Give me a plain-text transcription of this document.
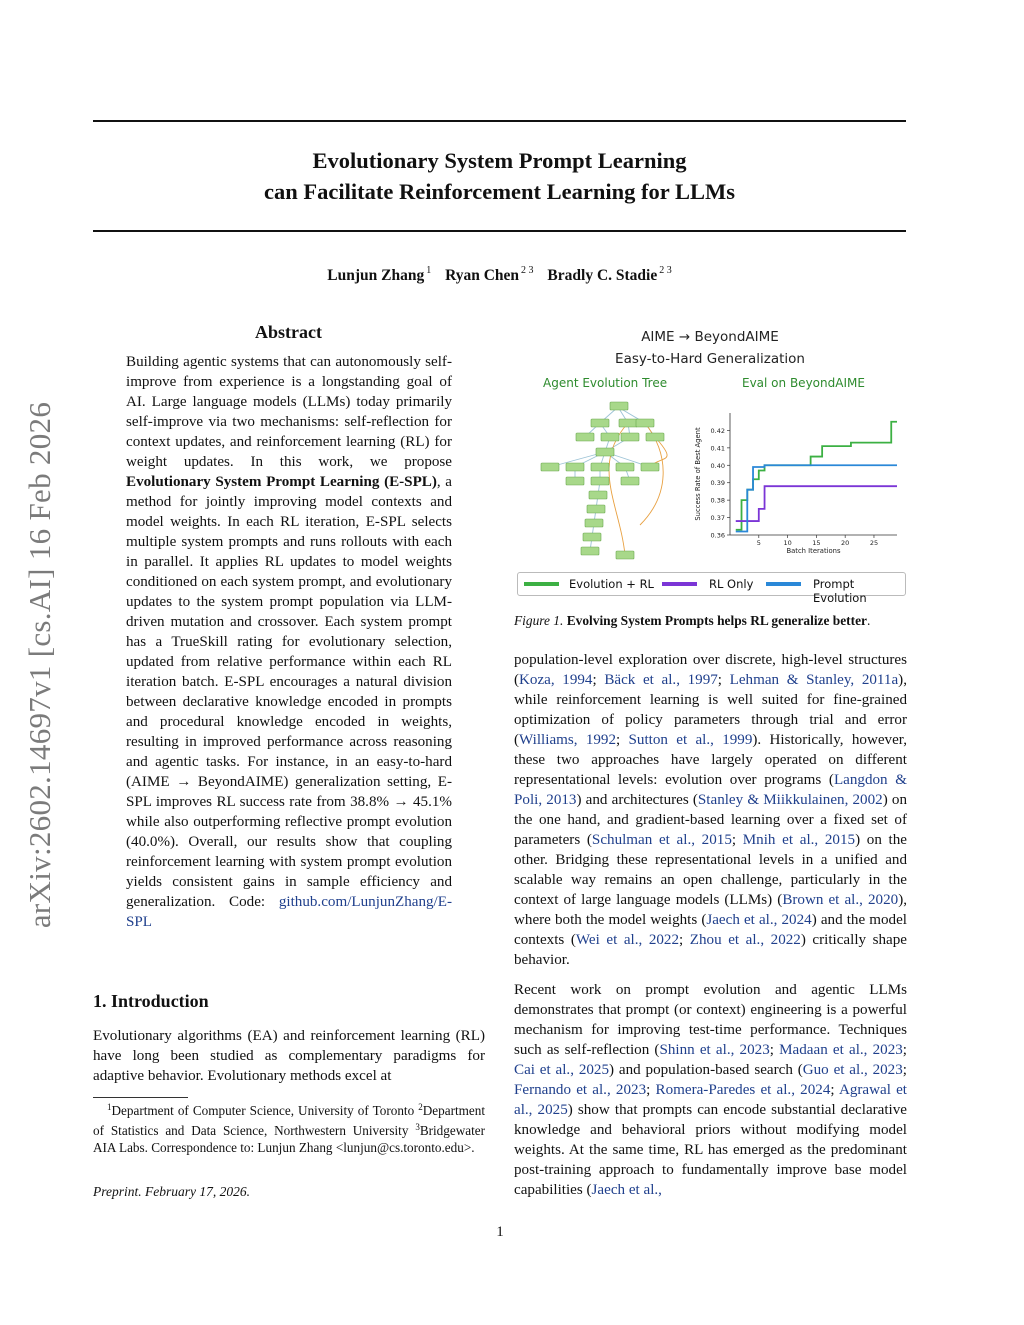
Evolutionary System Prompt Learning
can Facilitate Reinforcement Learning for LLMs
Lunjun Zhang $^1$ Ryan Chen $^{2 3}$ Bradly C. Stadie $^{2 3}$
arXiv:2602.14697v1 [cs.AI] 16 Feb 2026
Abstract
Building agentic systems that can autonomously self-improve from experience is a longstanding goal of AI. Large language models (LLMs) today primarily self-improve via two mechanisms: self-reflection for context updates, and reinforcement learning (RL) for weight updates. In this work, we propose Evolutionary System Prompt Learning (E-SPL), a method for jointly improving model contexts and model weights. In each RL iteration, E-SPL selects multiple system prompts and runs rollouts with each in parallel. It applies RL updates to model weights conditioned on each system prompt, and evolutionary updates to the system prompt population via LLM-driven mutation and crossover. Each system prompt has a TrueSkill rating for evolutionary selection, updated from relative performance within each RL iteration batch. E-SPL encourages a natural division between declarative knowledge encoded in prompts and procedural knowledge encoded in weights, resulting in improved performance across reasoning and agentic tasks. For instance, in an easy-to-hard (AIME → BeyondAIME) generalization setting, E-SPL improves RL success rate from 38.8% → 45.1% while also outperforming reflective prompt evolution (40.0%). Overall, our results show that coupling reinforcement learning with system prompt evolution yields consistent gains in sample efficiency and generalization. Code: github.com/LunjunZhang/E-SPL
1. Introduction
Evolutionary algorithms (EA) and reinforcement learning (RL) have long been studied as complementary paradigms for adaptive behavior. Evolutionary methods excel at
$^1$Department of Computer Science, University of Toronto $^2$Department of Statistics and Data Science, Northwestern University $^3$Bridgewater AIA Labs. Correspondence to: Lunjun Zhang <lunjun@cs.toronto.edu>.
Preprint. February 17, 2026.
AIME → BeyondAIME
Easy-to-Hard Generalization
Agent Evolution Tree	Eval on BeyondAIME
0.36
0.37
0.38
0.39
0.40
0.41
0.42
5	10	15	20	25
Batch Iterations
Success Rate of Best Agent
Evolution + RL	RL Only	Prompt Evolution
Figure 1. Evolving System Prompts helps RL generalize better.
population-level exploration over discrete, high-level structures (Koza, 1994; Bäck et al., 1997; Lehman & Stanley, 2011a), while reinforcement learning is well suited for fine-grained optimization of policy parameters through trial and error (Williams, 1992; Sutton et al., 1999). Historically, however, these two approaches have largely operated on different representational levels: evolution over programs (Langdon & Poli, 2013) and architectures (Stanley & Miikkulainen, 2002) on the one hand, and gradient-based learning over a fixed set of parameters (Schulman et al., 2015; Mnih et al., 2015) on the other. Bridging these representational levels in a unified and scalable way remains an open challenge, particularly in the context of large language models (LLMs) (Brown et al., 2020), where both the model weights (Jaech et al., 2024) and the model contexts (Wei et al., 2022; Zhou et al., 2022) critically shape behavior.
Recent work on prompt evolution and agentic LLMs demonstrates that prompt (or context) engineering is a powerful mechanism for improving test-time performance. Techniques such as self-reflection (Shinn et al., 2023; Madaan et al., 2023; Cai et al., 2025) and population-based search (Guo et al., 2023; Fernando et al., 2023; Romera-Paredes et al., 2024; Agrawal et al., 2025) show that prompts can encode substantial declarative knowledge and behavioral priors without modifying model weights. At the same time, RL has emerged as the predominant post-training approach to fundamentally improve base model capabilities (Jaech et al.,
1
